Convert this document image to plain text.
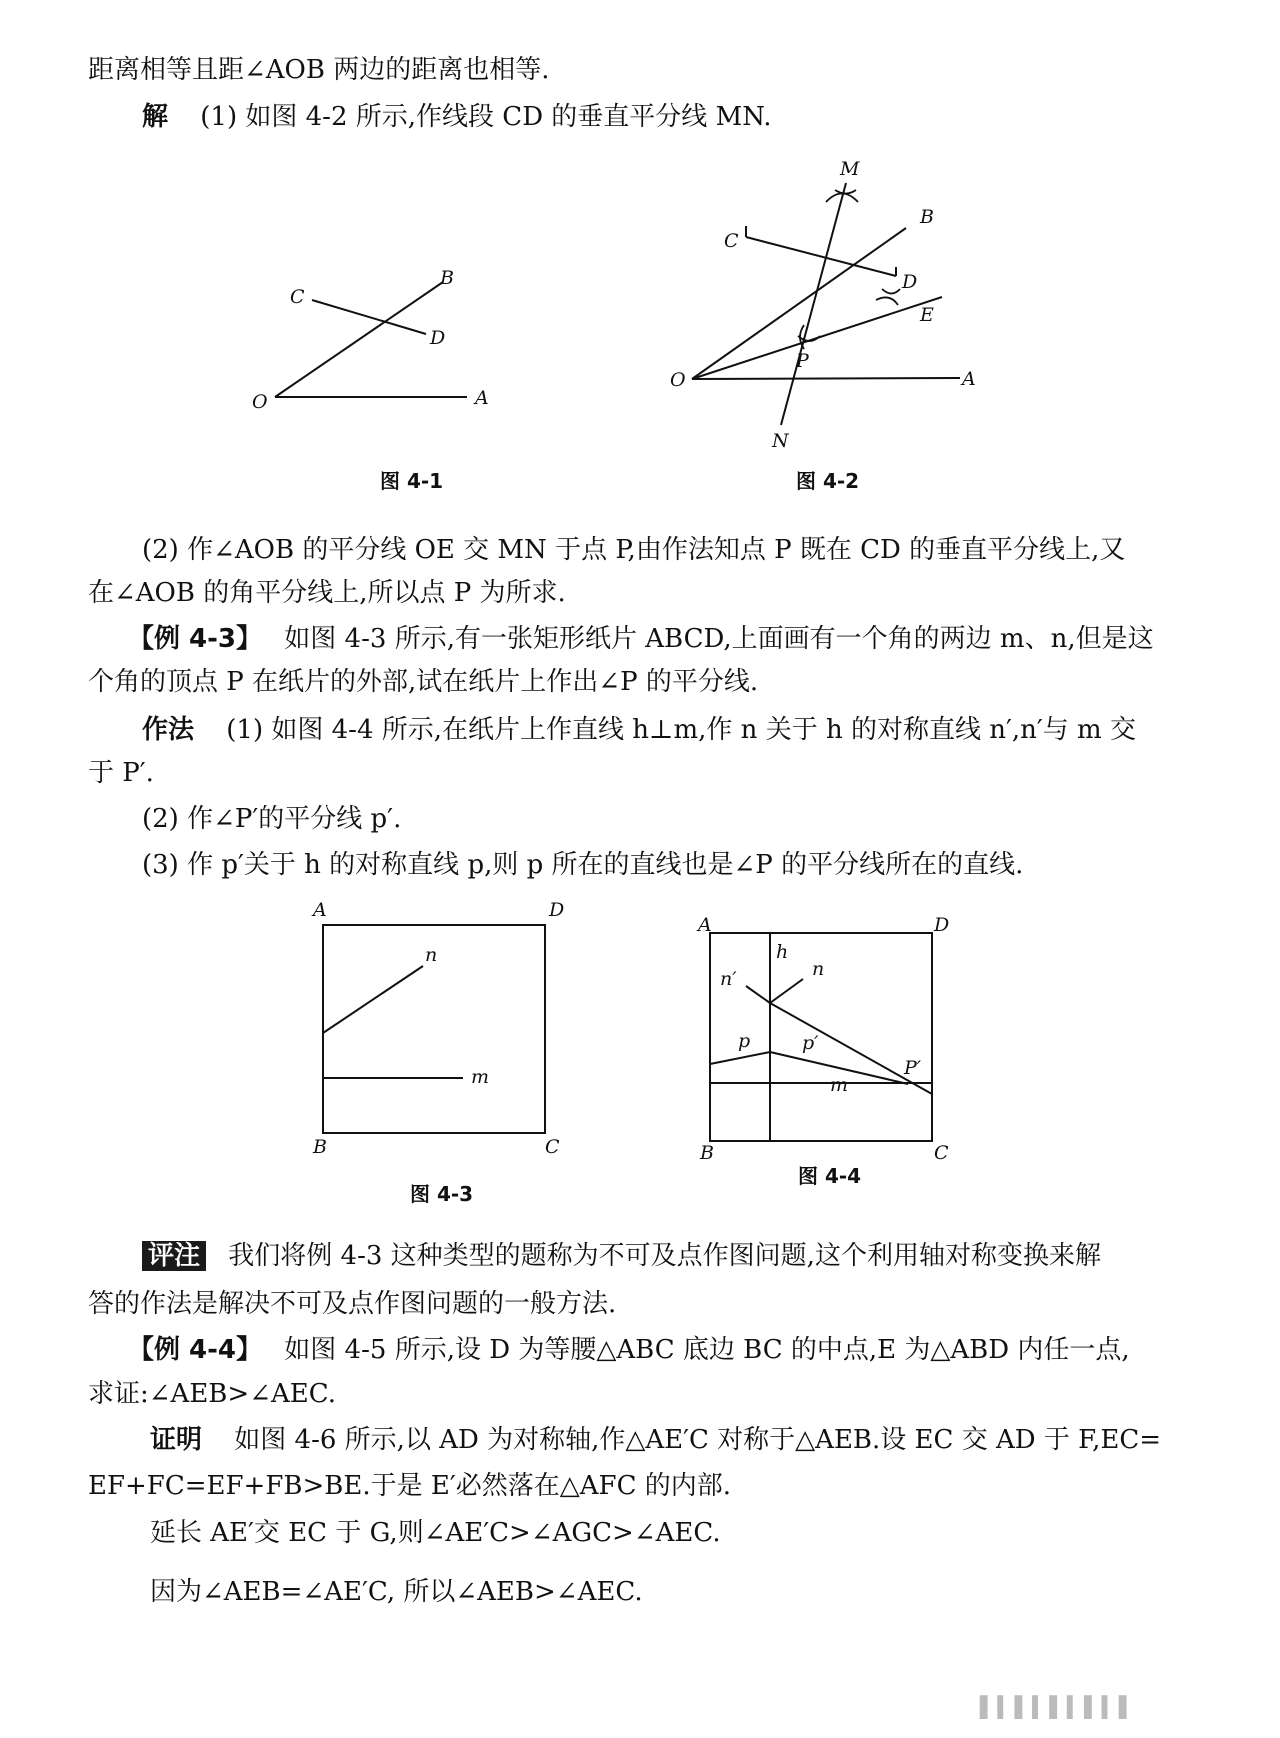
距离相等且距∠AOB 两边的距离也相等.
解 (1) 如图 4-2 所示,作线段 CD 的垂直平分线 MN.
O	A
B
C
D
图 4-1
M
B
C
D
E
P
O	A
N
图 4-2
(2) 作∠AOB 的平分线 OE 交 MN 于点 P,由作法知点 P 既在 CD 的垂直平分线上,又
在∠AOB 的角平分线上,所以点 P 为所求.
【例 4-3】 如图 4-3 所示,有一张矩形纸片 ABCD,上面画有一个角的两边 m、n,但是这
个角的顶点 P 在纸片的外部,试在纸片上作出∠P 的平分线.
作法 (1) 如图 4-4 所示,在纸片上作直线 h⊥m,作 n 关于 h 的对称直线 n′,n′与 m 交
于 P′.
(2) 作∠P′的平分线 p′.
(3) 作 p′关于 h 的对称直线 p,则 p 所在的直线也是∠P 的平分线所在的直线.
A	D
n
m
B	C
图 4-3
A	D
h
n′	n
p	p′
P′
m
B	C
图 4-4
评注 我们将例 4-3 这种类型的题称为不可及点作图问题,这个利用轴对称变换来解
答的作法是解决不可及点作图问题的一般方法.
【例 4-4】 如图 4-5 所示,设 D 为等腰△ABC 底边 BC 的中点,E 为△ABD 内任一点,
求证:∠AEB>∠AEC.
证明 如图 4-6 所示,以 AD 为对称轴,作△AE′C 对称于△AEB.设 EC 交 AD 于 F,EC=
EF+FC=EF+FB>BE.于是 E′必然落在△AFC 的内部.
延长 AE′交 EC 于 G,则∠AE′C>∠AGC>∠AEC.
因为∠AEB=∠AE′C, 所以∠AEB>∠AEC.
▌▍▌▍▌▍▌▍▌
